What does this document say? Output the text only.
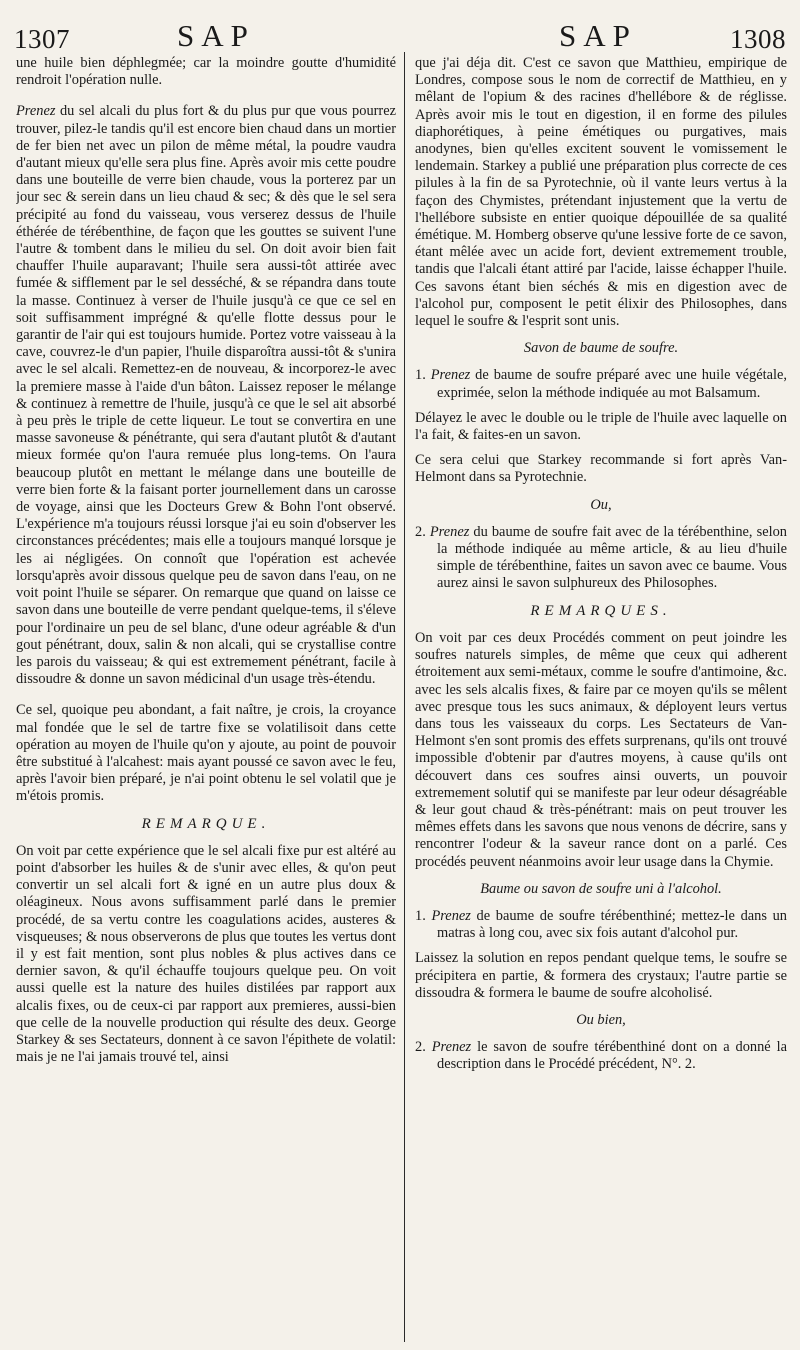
1307	SAP	SAP	1308

une huile bien déphlegmée; car la moindre goutte d'humidité rendroit l'opération nulle.

Prenez du sel alcali du plus fort & du plus pur que vous pourrez trouver, pilez-le tandis qu'il est encore bien chaud dans un mortier de fer bien net avec un pilon de même métal, la poudre vaudra d'autant mieux qu'elle sera plus fine. Après avoir mis cette poudre dans une bouteille de verre bien chaude, vous la porterez par un jour sec & serein dans un lieu chaud & sec; & dès que le sel sera précipité au fond du vaisseau, vous verserez dessus de l'huile éthérée de térébenthine, de façon que les gouttes se suivent l'une l'autre & tombent dans le milieu du sel. On doit avoir bien fait chauffer l'huile auparavant; l'huile sera aussi-tôt attirée avec fumée & sifflement par le sel desséché, & se répandra dans toute la masse. Continuez à verser de l'huile jusqu'à ce que ce sel en soit suffisamment imprégné & qu'elle flotte dessus pour le garantir de l'air qui est toujours humide. Portez votre vaisseau à la cave, couvrez-le d'un papier, l'huile disparoîtra aussi-tôt & s'unira avec le sel alcali. Remettez-en de nouveau, & incorporez-le avec la premiere masse à l'aide d'un bâton. Laissez reposer le mélange & continuez à remettre de l'huile, jusqu'à ce que le sel ait absorbé à peu près le triple de cette liqueur. Le tout se convertira en une masse savoneuse & pénétrante, qui sera d'autant plutôt & d'autant mieux formée qu'on l'aura remuée plus long-tems. On l'aura beaucoup plutôt en mettant le mélange dans une bouteille de verre bien forte & la faisant porter journellement dans un carosse de voyage, ainsi que les Docteurs Grew & Bohn l'ont observé. L'expérience m'a toujours réussi lorsque j'ai eu soin d'observer les circonstances précédentes; mais elle a toujours manqué lorsque je les ai négligées. On connoît que l'opération est achevée lorsqu'après avoir dissous quelque peu de savon dans l'eau, on ne voit point l'huile se séparer. On remarque que quand on laisse ce savon dans une bouteille de verre pendant quelque-tems, il s'éleve pour l'ordinaire un peu de sel blanc, d'une odeur agréable & d'un gout pénétrant, doux, salin & non alcali, qui se crystallise contre les parois du vaisseau; & qui est extremement pénétrant, facile à dissoudre & donne un savon médicinal d'un usage très-étendu.

Ce sel, quoique peu abondant, a fait naître, je crois, la croyance mal fondée que le sel de tartre fixe se volatilisoit dans cette opération au moyen de l'huile qu'on y ajoute, au point de pouvoir être substitué à l'alcahest: mais ayant poussé ce savon avec le feu, après l'avoir bien préparé, je n'ai point obtenu le sel volatil que je m'étois promis.

REMARQUE.

On voit par cette expérience que le sel alcali fixe pur est altéré au point d'absorber les huiles & de s'unir avec elles, & qu'on peut convertir un sel alcali fort & igné en un autre plus doux & oléagineux. Nous avons suffisamment parlé dans le premier procédé, de sa vertu contre les coagulations acides, austeres & visqueuses; & nous observerons de plus que toutes les vertus dont il y est fait mention, sont plus nobles & plus actives dans ce dernier savon, & qu'il échauffe toujours quelque peu. On voit aussi quelle est la nature des huiles distilées par rapport aux alcalis fixes, ou de ceux-ci par rapport aux premieres, aussi-bien que celle de la nouvelle production qui résulte des deux. George Starkey & ses Sectateurs, donnent à ce savon l'épithete de volatil: mais je ne l'ai jamais trouvé tel, ainsi

que j'ai déja dit. C'est ce savon que Matthieu, empirique de Londres, compose sous le nom de correctif de Matthieu, en y mêlant de l'opium & des racines d'hellébore & de réglisse. Après avoir mis le tout en digestion, il en forme des pilules diaphorétiques, à peine émétiques ou purgatives, mais anodynes, bien qu'elles excitent souvent le vomissement le lendemain. Starkey a publié une préparation plus correcte de ces pilules à la fin de sa Pyrotechnie, où il vante leurs vertus à la façon des Chymistes, prétendant injustement que la vertu de l'hellébore subsiste en entier quoique dépouillée de sa qualité émétique. M. Homberg observe qu'une lessive forte de ce savon, étant mêlée avec un acide fort, devient extremement trouble, tandis que l'alcali étant attiré par l'acide, laisse échapper l'huile. Ces savons étant bien séchés & mis en digestion avec de l'alcohol pur, composent le petit élixir des Philosophes, dans lequel le soufre & l'esprit sont unis.

Savon de baume de soufre.

1. Prenez de baume de soufre préparé avec une huile végétale, exprimée, selon la méthode indiquée au mot Balsamum.

Délayez le avec le double ou le triple de l'huile avec laquelle on l'a fait, & faites-en un savon.

Ce sera celui que Starkey recommande si fort après Van-Helmont dans sa Pyrotechnie.

Ou,

2. Prenez du baume de soufre fait avec de la térébenthine, selon la méthode indiquée au même article, & au lieu d'huile simple de térébenthine, faites un savon avec ce baume. Vous aurez ainsi le savon sulphureux des Philosophes.

REMARQUES.

On voit par ces deux Procédés comment on peut joindre les soufres naturels simples, de même que ceux qui adherent étroitement aux semi-métaux, comme le soufre d'antimoine, &c. avec les sels alcalis fixes, & faire par ce moyen qu'ils se mêlent avec presque tous les sucs animaux, & déployent leurs vertus dans tous les vaisseaux du corps. Les Sectateurs de Van-Helmont s'en sont promis des effets surprenans, qu'ils ont trouvé impossible d'obtenir par d'autres moyens, à cause qu'ils ont découvert dans ces soufres ainsi ouverts, un pouvoir extremement solutif qui se manifeste par leur odeur désagréable & leur gout chaud & très-pénétrant: mais on peut trouver les mêmes effets dans les savons que nous venons de décrire, sans y rencontrer l'odeur & la saveur rance dont on a parlé. Ces procédés peuvent néanmoins avoir leur usage dans la Chymie.

Baume ou savon de soufre uni à l'alcohol.

1. Prenez de baume de soufre térébenthiné; mettez-le dans un matras à long cou, avec six fois autant d'alcohol pur.

Laissez la solution en repos pendant quelque tems, le soufre se précipitera en partie, & formera des crystaux; l'autre partie se dissoudra & formera le baume de soufre alcoholisé.

Ou bien,

2. Prenez le savon de soufre térébenthiné dont on a donné la description dans le Procédé précédent, N°. 2.
